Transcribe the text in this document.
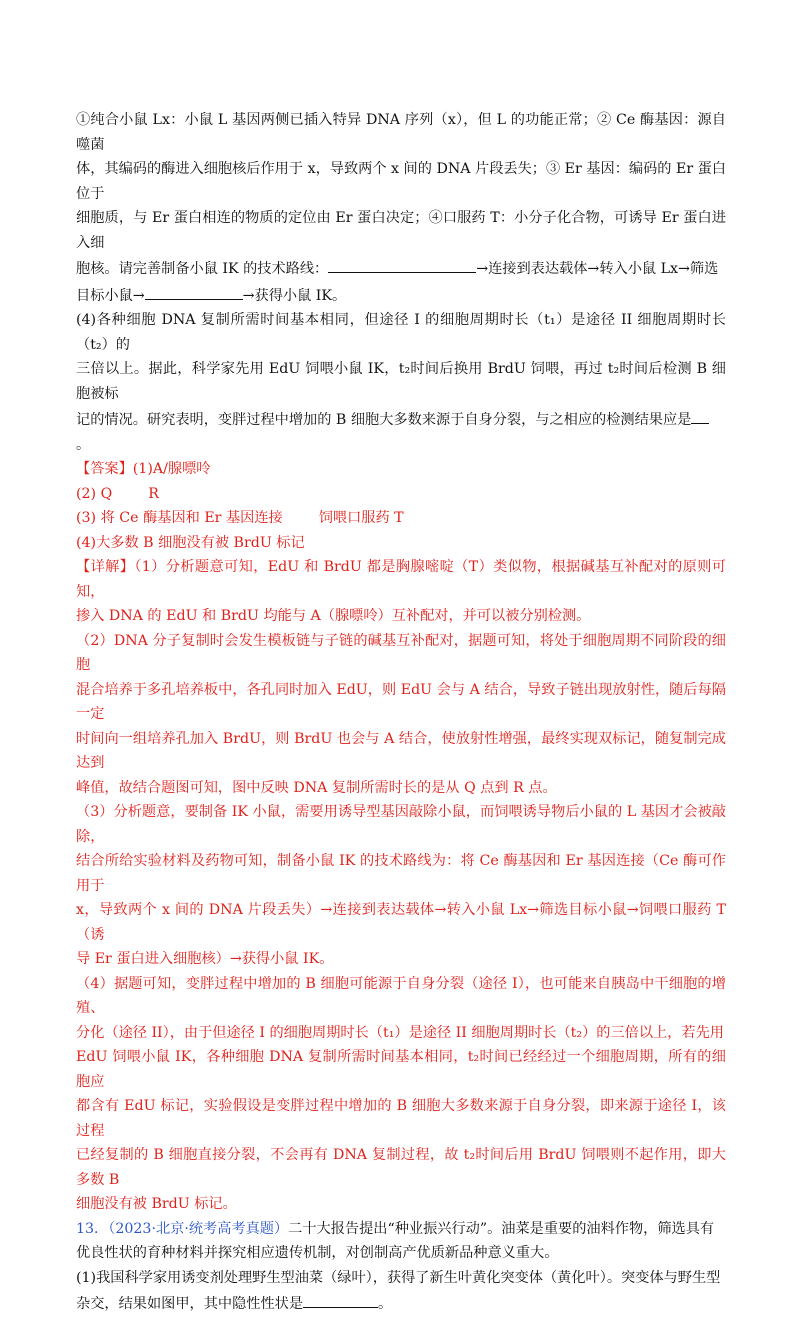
①纯合小鼠 Lx：小鼠 L 基因两侧已插入特异 DNA 序列（x），但 L 的功能正常；② Ce 酶基因：源自噬菌

体，其编码的酶进入细胞核后作用于 x，导致两个 x 间的 DNA 片段丢失；③ Er 基因：编码的 Er 蛋白位于

细胞质，与 Er 蛋白相连的物质的定位由 Er 蛋白决定；④口服药 T：小分子化合物，可诱导 Er 蛋白进入细

胞核。请完善制备小鼠 IK 的技术路线：	→连接到表达载体→转入小鼠 Lx→筛选

目标小鼠→	→获得小鼠 IK。

(4)各种细胞 DNA 复制所需时间基本相同，但途径 I 的细胞周期时长（t₁）是途径 II 细胞周期时长（t₂）的

三倍以上。据此，科学家先用 EdU 饲喂小鼠 IK，t₂时间后换用 BrdU 饲喂，再过 t₂时间后检测 B 细胞被标

记的情况。研究表明，变胖过程中增加的 B 细胞大多数来源于自身分裂，与之相应的检测结果应是

。

【答案】(1)A/腺嘌呤

(2) Q	R

(3) 将 Ce 酶基因和 Er 基因连接	饲喂口服药 T

(4)大多数 B 细胞没有被 BrdU 标记

【详解】（1）分析题意可知，EdU 和 BrdU 都是胸腺嘧啶（T）类似物，根据碱基互补配对的原则可知，

掺入 DNA 的 EdU 和 BrdU 均能与 A（腺嘌呤）互补配对，并可以被分别检测。

（2）DNA 分子复制时会发生模板链与子链的碱基互补配对，据题可知，将处于细胞周期不同阶段的细胞

混合培养于多孔培养板中，各孔同时加入 EdU，则 EdU 会与 A 结合，导致子链出现放射性，随后每隔一定

时间向一组培养孔加入 BrdU，则 BrdU 也会与 A 结合，使放射性增强，最终实现双标记，随复制完成达到

峰值，故结合题图可知，图中反映 DNA 复制所需时长的是从 Q 点到 R 点。

（3）分析题意，要制备 IK 小鼠，需要用诱导型基因敲除小鼠，而饲喂诱导物后小鼠的 L 基因才会被敲除，

结合所给实验材料及药物可知，制备小鼠 IK 的技术路线为：将 Ce 酶基因和 Er 基因连接（Ce 酶可作用于

x，导致两个 x 间的 DNA 片段丢失）→连接到表达载体→转入小鼠 Lx→筛选目标小鼠→饲喂口服药 T（诱

导 Er 蛋白进入细胞核）→获得小鼠 IK。

（4）据题可知，变胖过程中增加的 B 细胞可能源于自身分裂（途径 I），也可能来自胰岛中干细胞的增殖、

分化（途径 II），由于但途径 I 的细胞周期时长（t₁）是途径 II 细胞周期时长（t₂）的三倍以上，若先用

EdU 饲喂小鼠 IK，各种细胞 DNA 复制所需时间基本相同，t₂时间已经经过一个细胞周期，所有的细胞应

都含有 EdU 标记，实验假设是变胖过程中增加的 B 细胞大多数来源于自身分裂，即来源于途径 I，该过程

已经复制的 B 细胞直接分裂，不会再有 DNA 复制过程，故 t₂时间后用 BrdU 饲喂则不起作用，即大多数 B

细胞没有被 BrdU 标记。

13．（2023·北京·统考高考真题）二十大报告提出“种业振兴行动”。油菜是重要的油料作物，筛选具有

优良性状的育种材料并探究相应遗传机制，对创制高产优质新品种意义重大。

(1)我国科学家用诱变剂处理野生型油菜（绿叶），获得了新生叶黄化突变体（黄化叶）。突变体与野生型

杂交，结果如图甲，其中隐性性状是	。
